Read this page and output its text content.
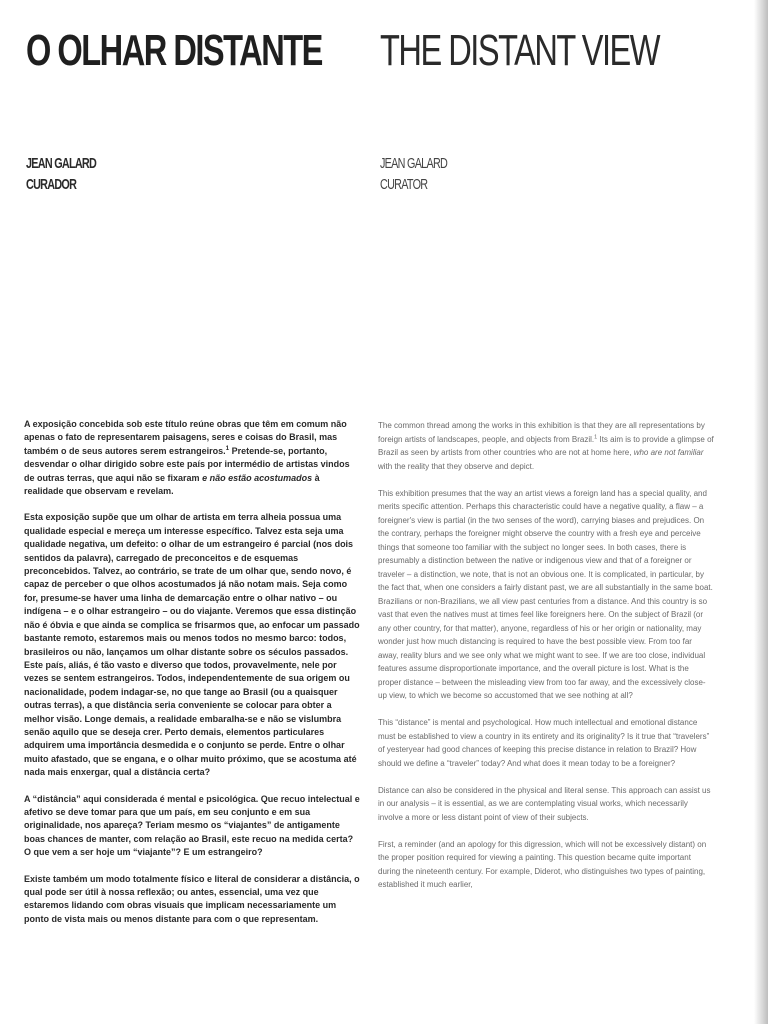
O OLHAR DISTANTE THE DISTANT VIEW
JEAN GALARD
CURADOR
JEAN GALARD
CURATOR

A exposição concebida sob este título reúne obras que têm em comum não apenas o fato de representarem paisagens, seres e coisas do Brasil, mas também o de seus autores serem estrangeiros.$^1$ Pretende-se, portanto, desvendar o olhar dirigido sobre este país por intermédio de artistas vindos de outras terras, que aqui não se fixaram e não estão acostumados à realidade que observam e revelam.

Esta exposição supõe que um olhar de artista em terra alheia possua uma qualidade especial e mereça um interesse específico. Talvez esta seja uma qualidade negativa, um defeito: o olhar de um estrangeiro é parcial (nos dois sentidos da palavra), carregado de preconceitos e de esquemas preconcebidos. Talvez, ao contrário, se trate de um olhar que, sendo novo, é capaz de perceber o que olhos acostumados já não notam mais. Seja como for, presume-se haver uma linha de demarcação entre o olhar nativo – ou indígena – e o olhar estrangeiro – ou do viajante. Veremos que essa distinção não é óbvia e que ainda se complica se frisarmos que, ao enfocar um passado bastante remoto, estaremos mais ou menos todos no mesmo barco: todos, brasileiros ou não, lançamos um olhar distante sobre os séculos passados. Este país, aliás, é tão vasto e diverso que todos, provavelmente, nele por vezes se sentem estrangeiros. Todos, independentemente de sua origem ou nacionalidade, podem indagar-se, no que tange ao Brasil (ou a quaisquer outras terras), a que distância seria conveniente se colocar para obter a melhor visão. Longe demais, a realidade embaralha-se e não se vislumbra senão aquilo que se deseja crer. Perto demais, elementos particulares adquirem uma importância desmedida e o conjunto se perde. Entre o olhar muito afastado, que se engana, e o olhar muito próximo, que se acostuma até nada mais enxergar, qual a distância certa?

A “distância” aqui considerada é mental e psicológica. Que recuo intelectual e afetivo se deve tomar para que um país, em seu conjunto e em sua originalidade, nos apareça? Teriam mesmo os “viajantes” de antigamente boas chances de manter, com relação ao Brasil, este recuo na medida certa? O que vem a ser hoje um “viajante”? E um estrangeiro?

Existe também um modo totalmente físico e literal de considerar a distância, o qual pode ser útil à nossa reflexão; ou antes, essencial, uma vez que estaremos lidando com obras visuais que implicam necessariamente um ponto de vista mais ou menos distante para com o que representam.

The common thread among the works in this exhibition is that they are all representations by foreign artists of landscapes, people, and objects from Brazil.$^1$ Its aim is to provide a glimpse of Brazil as seen by artists from other countries who are not at home here, who are not familiar with the reality that they observe and depict.

This exhibition presumes that the way an artist views a foreign land has a special quality, and merits specific attention. Perhaps this characteristic could have a negative quality, a flaw – a foreigner's view is partial (in the two senses of the word), carrying biases and prejudices. On the contrary, perhaps the foreigner might observe the country with a fresh eye and perceive things that someone too familiar with the subject no longer sees. In both cases, there is presumably a distinction between the native or indigenous view and that of a foreigner or traveler – a distinction, we note, that is not an obvious one. It is complicated, in particular, by the fact that, when one considers a fairly distant past, we are all substantially in the same boat. Brazilians or non-Brazilians, we all view past centuries from a distance. And this country is so vast that even the natives must at times feel like foreigners here. On the subject of Brazil (or any other country, for that matter), anyone, regardless of his or her origin or nationality, may wonder just how much distancing is required to have the best possible view. From too far away, reality blurs and we see only what we might want to see. If we are too close, individual features assume disproportionate importance, and the overall picture is lost. What is the proper distance – between the misleading view from too far away, and the excessively close-up view, to which we become so accustomed that we see nothing at all?

This “distance” is mental and psychological. How much intellectual and emotional distance must be established to view a country in its entirety and its originality? Is it true that “travelers” of yesteryear had good chances of keeping this precise distance in relation to Brazil? How should we define a “traveler” today? And what does it mean today to be a foreigner?

Distance can also be considered in the physical and literal sense. This approach can assist us in our analysis – it is essential, as we are contemplating visual works, which necessarily involve a more or less distant point of view of their subjects.

First, a reminder (and an apology for this digression, which will not be excessively distant) on the proper position required for viewing a painting. This question became quite important during the nineteenth century. For example, Diderot, who distinguishes two types of painting, established it much earlier,
